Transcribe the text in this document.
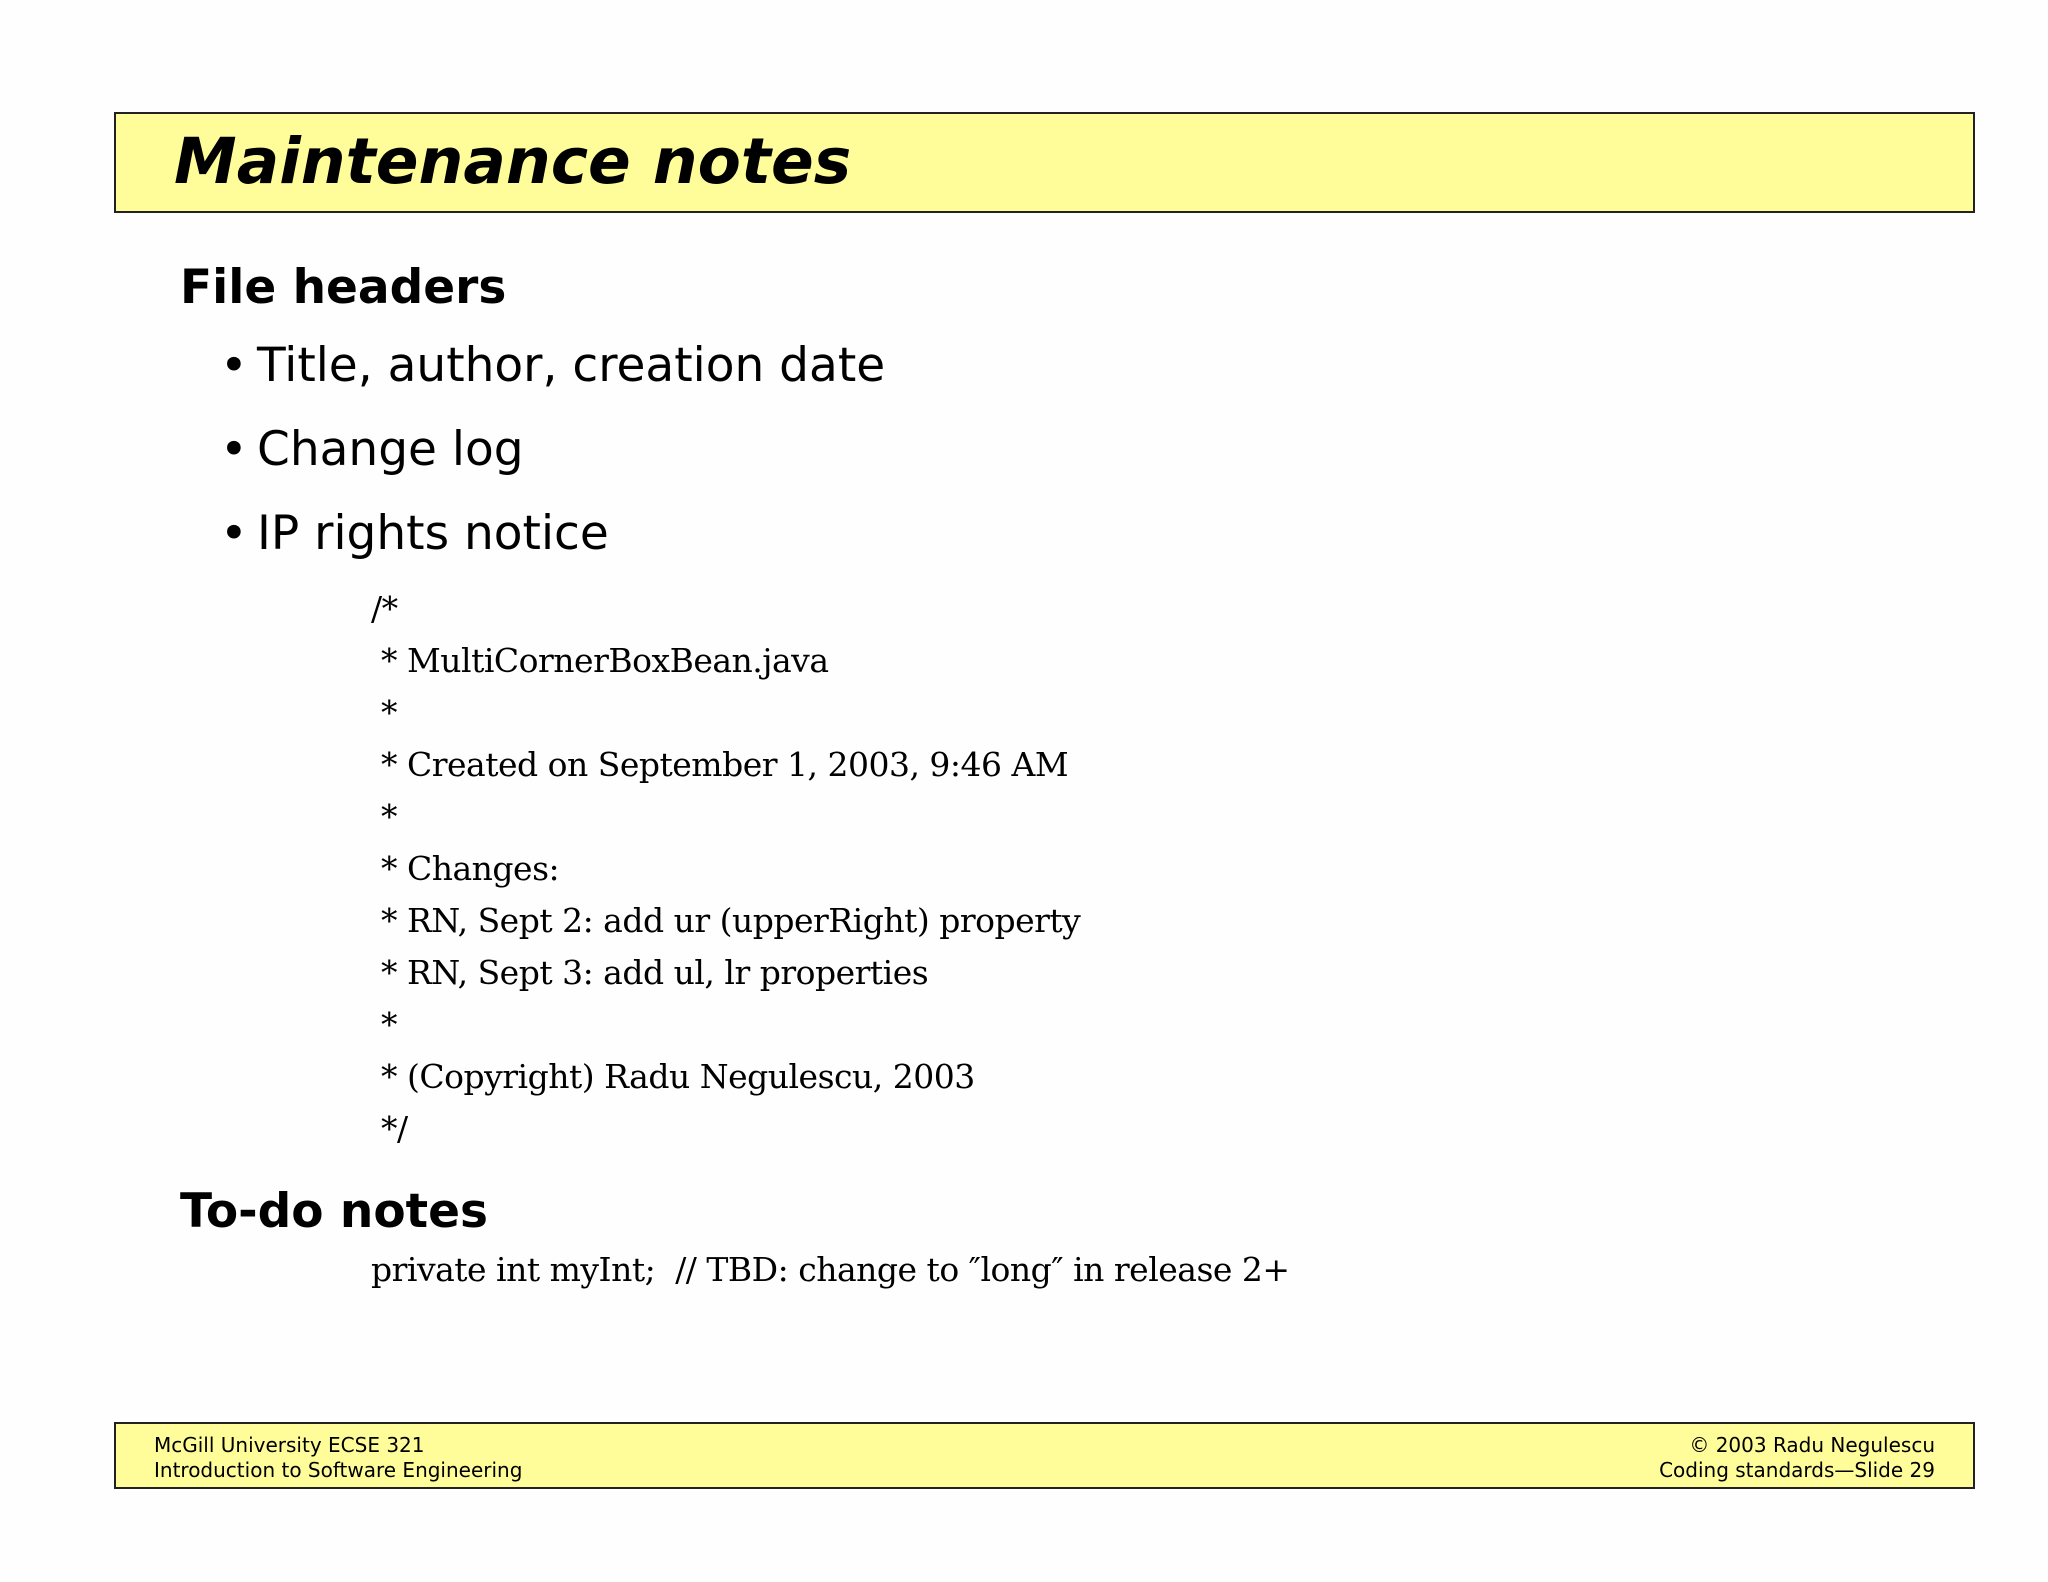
Maintenance notes
File headers
• Title, author, creation date
• Change log
• IP rights notice
/*
* MultiCornerBoxBean.java
*
* Created on September 1, 2003, 9:46 AM
*
* Changes:
* RN, Sept 2: add ur (upperRight) property
* RN, Sept 3: add ul, lr properties
*
* (Copyright) Radu Negulescu, 2003
*/
To-do notes
private int myInt;  // TBD: change to ″long″ in release 2+
McGill University ECSE 321
Introduction to Software Engineering
© 2003 Radu Negulescu
Coding standards—Slide 29
